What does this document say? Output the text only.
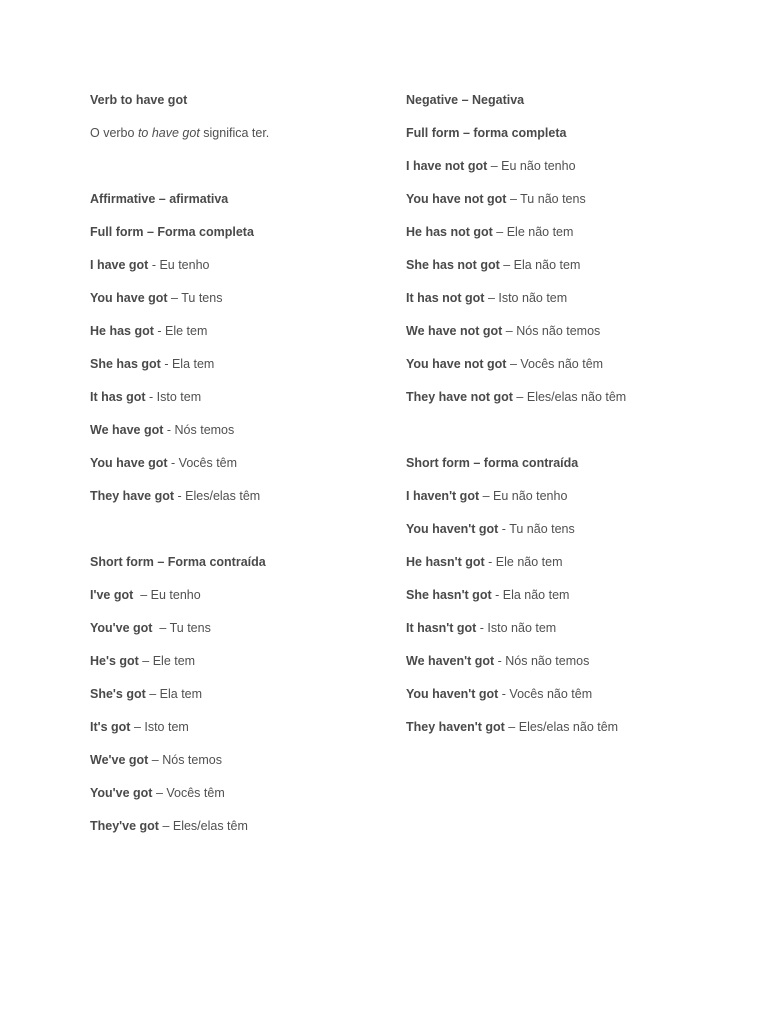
Verb to have got
O verbo to have got significa ter.
Affirmative – afirmativa
Full form – Forma completa
I have got - Eu tenho
You have got – Tu tens
He has got - Ele tem
She has got - Ela tem
It has got - Isto tem
We have got - Nós temos
You have got - Vocês têm
They have got - Eles/elas têm
Short form – Forma contraída
I've got  – Eu tenho
You've got  – Tu tens
He's got – Ele tem
She's got – Ela tem
It's got – Isto tem
We've got – Nós temos
You've got – Vocês têm
They've got – Eles/elas têm
Negative – Negativa
Full form – forma completa
I have not got – Eu não tenho
You have not got – Tu não tens
He has not got – Ele não tem
She has not got – Ela não tem
It has not got – Isto não tem
We have not got – Nós não temos
You have not got – Vocês não têm
They have not got – Eles/elas não têm
Short form – forma contraída
I haven't got – Eu não tenho
You haven't got - Tu não tens
He hasn't got - Ele não tem
She hasn't got - Ela não tem
It hasn't got - Isto não tem
We haven't got - Nós não temos
You haven't got - Vocês não têm
They haven't got – Eles/elas não têm
